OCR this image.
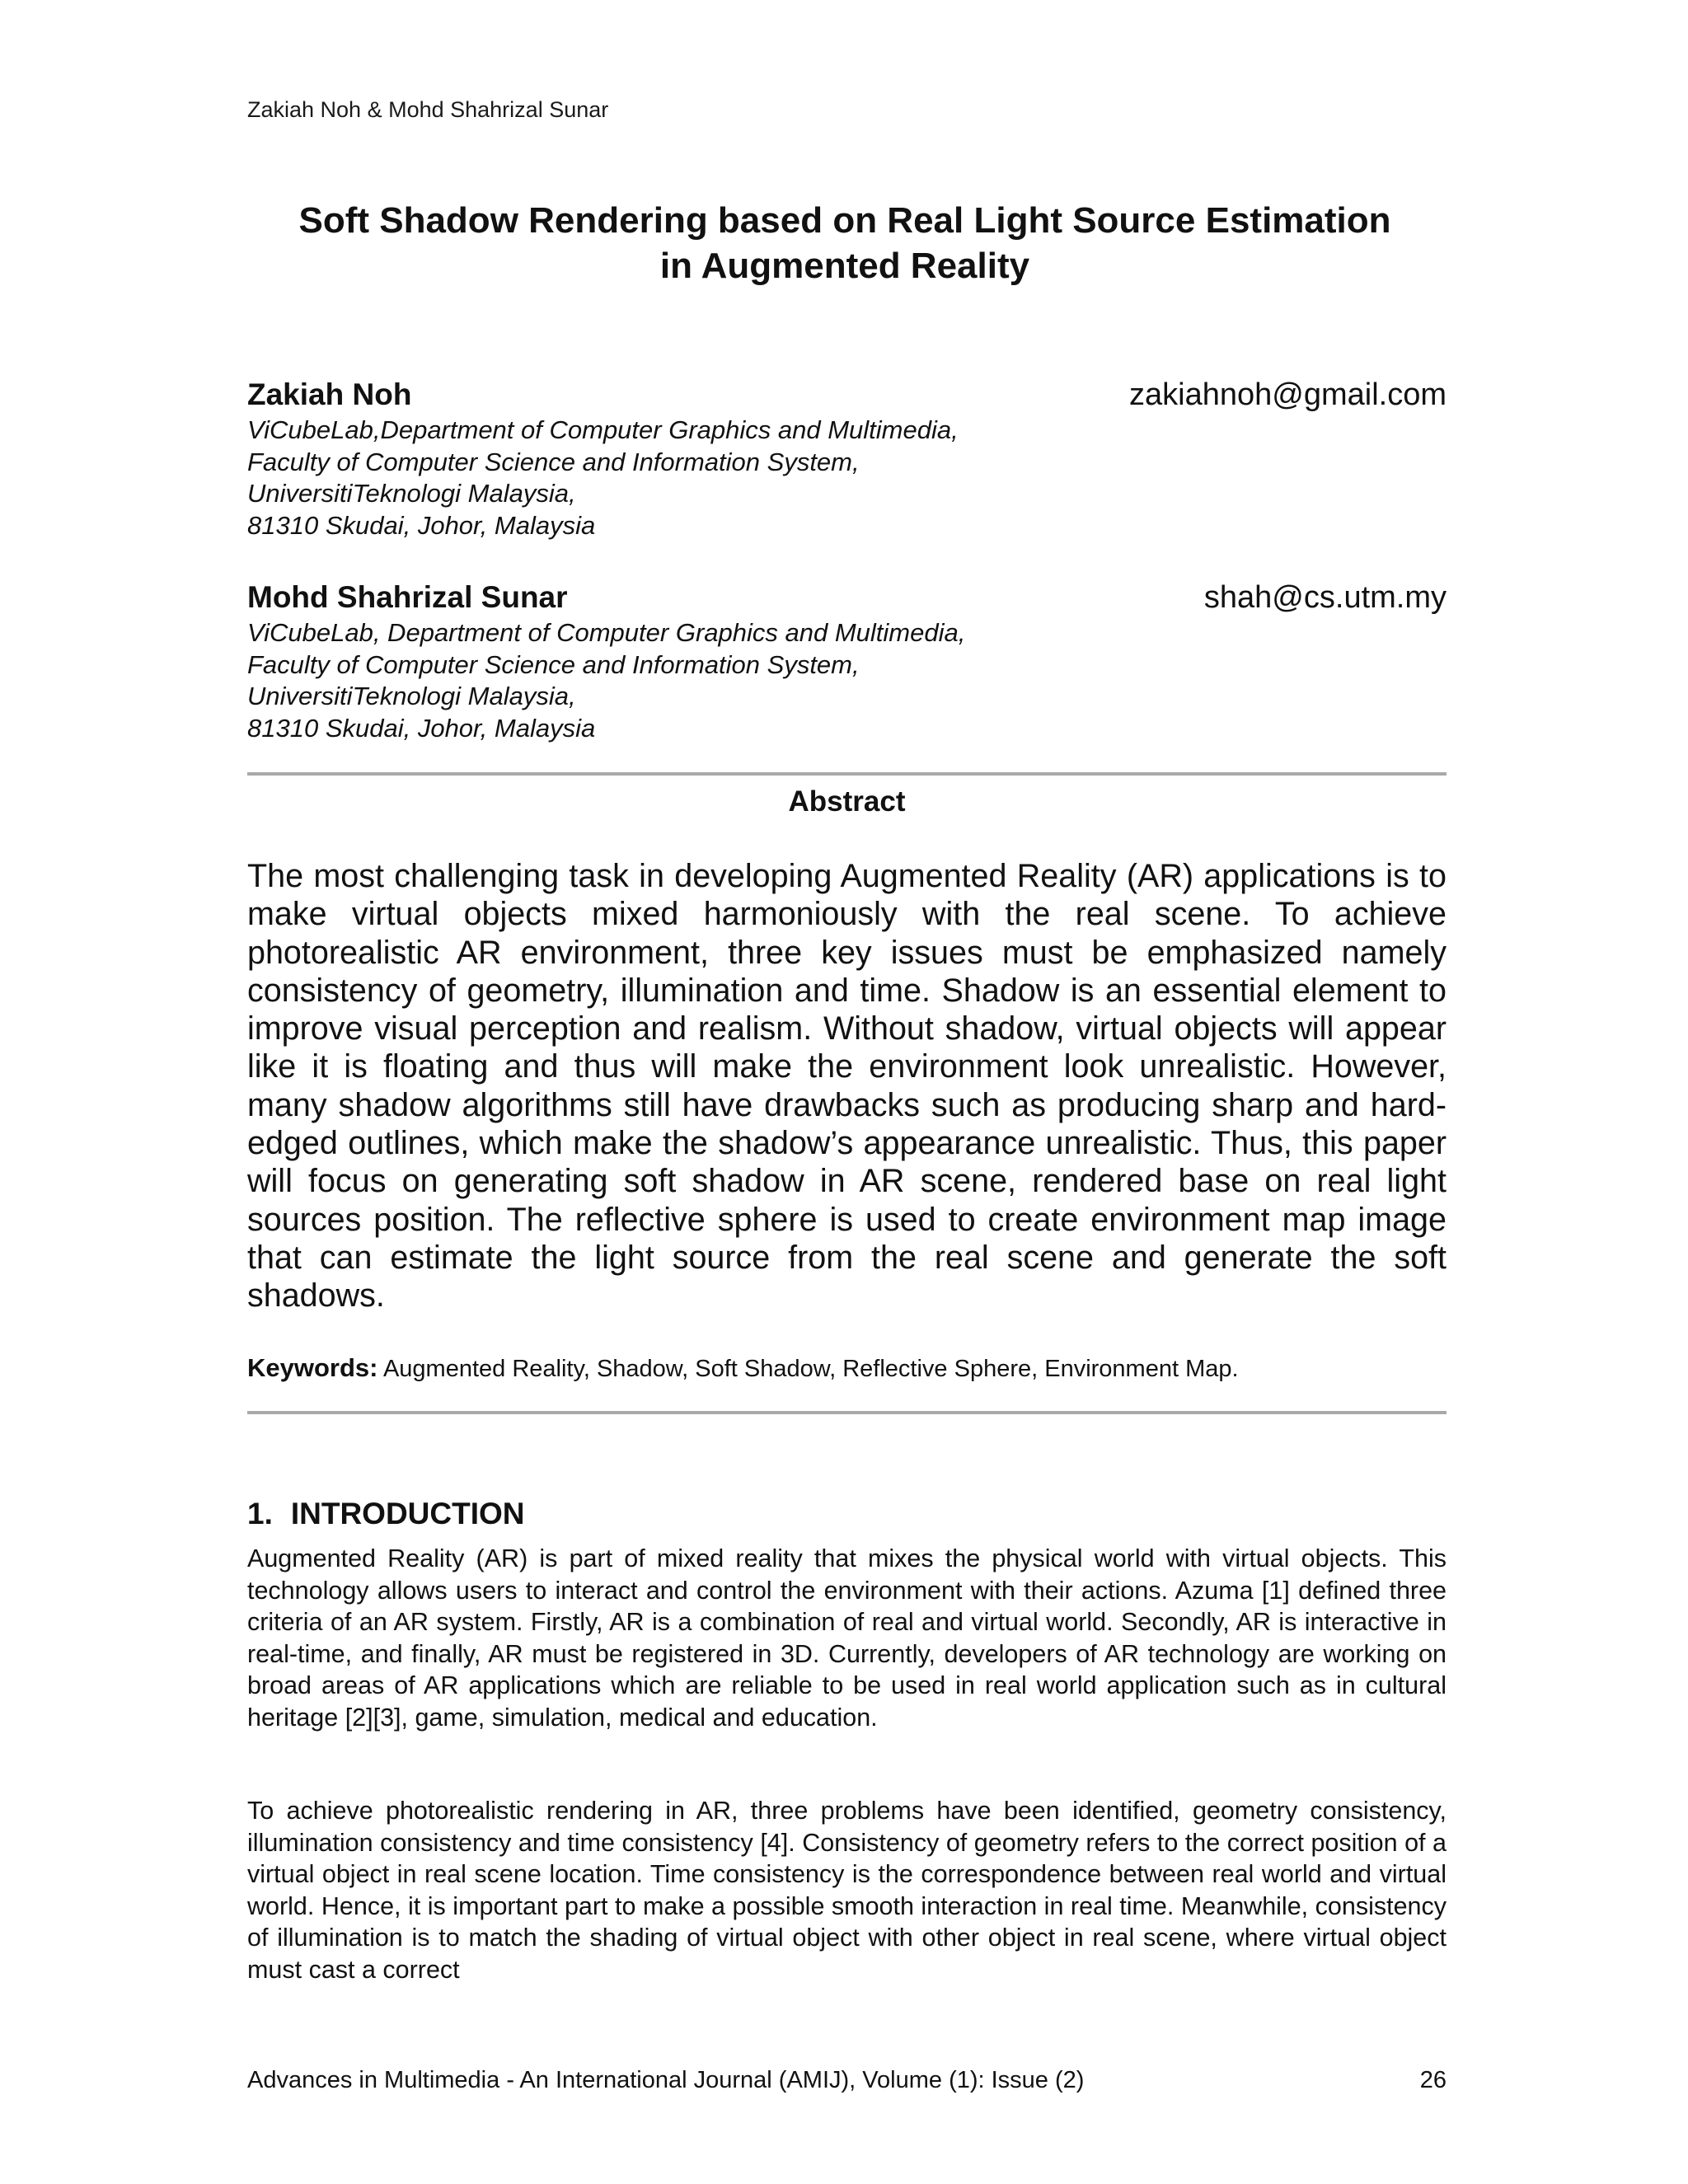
Zakiah Noh & Mohd Shahrizal Sunar
Soft Shadow Rendering based on Real Light Source Estimation
in Augmented Reality

Zakiah Noh	zakiahnoh@gmail.com

ViCubeLab,Department of Computer Graphics and Multimedia,
Faculty of Computer Science and Information System,
UniversitiTeknologi Malaysia,
81310 Skudai, Johor, Malaysia

Mohd Shahrizal Sunar	shah@cs.utm.my

ViCubeLab, Department of Computer Graphics and Multimedia,
Faculty of Computer Science and Information System,
UniversitiTeknologi Malaysia,
81310 Skudai, Johor, Malaysia

Abstract

The most challenging task in developing Augmented Reality (AR) applications is to make virtual objects mixed harmoniously with the real scene. To achieve photorealistic AR environment, three key issues must be emphasized namely consistency of geometry, illumination and time. Shadow is an essential element to improve visual perception and realism. Without shadow, virtual objects will appear like it is floating and thus will make the environment look unrealistic. However, many shadow algorithms still have drawbacks such as producing sharp and hard-edged outlines, which make the shadow’s appearance unrealistic. Thus, this paper will focus on generating soft shadow in AR scene, rendered base on real light sources position. The reflective sphere is used to create environment map image that can estimate the light source from the real scene and generate the soft shadows.

Keywords: Augmented Reality, Shadow, Soft Shadow, Reflective Sphere, Environment Map.

1. INTRODUCTION

Augmented Reality (AR) is part of mixed reality that mixes the physical world with virtual objects. This technology allows users to interact and control the environment with their actions. Azuma [1] defined three criteria of an AR system. Firstly, AR is a combination of real and virtual world. Secondly, AR is interactive in real-time, and finally, AR must be registered in 3D. Currently, developers of AR technology are working on broad areas of AR applications which are reliable to be used in real world application such as in cultural heritage [2][3], game, simulation, medical and education.

To achieve photorealistic rendering in AR, three problems have been identified, geometry consistency, illumination consistency and time consistency [4]. Consistency of geometry refers to the correct position of a virtual object in real scene location. Time consistency is the correspondence between real world and virtual world. Hence, it is important part to make a possible smooth interaction in real time. Meanwhile, consistency of illumination is to match the shading of virtual object with other object in real scene, where virtual object must cast a correct

Advances in Multimedia - An International Journal (AMIJ), Volume (1): Issue (2)	26
